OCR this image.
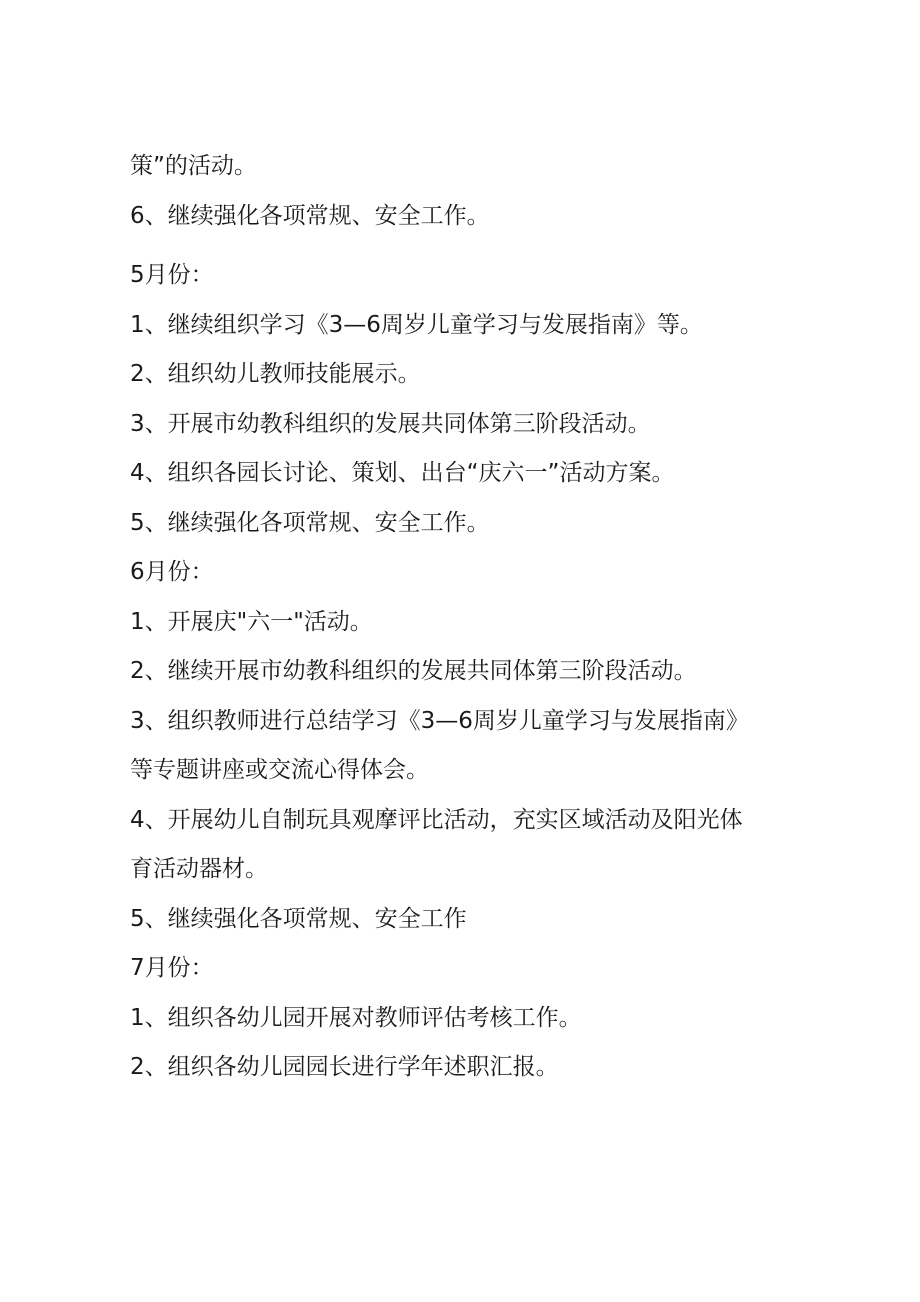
策”的活动。
6、继续强化各项常规、安全工作。
5月份：
1、继续组织学习《3—6周岁儿童学习与发展指南》等。
2、组织幼儿教师技能展示。
3、开展市幼教科组织的发展共同体第三阶段活动。
4、组织各园长讨论、策划、出台“庆六一”活动方案。
5、继续强化各项常规、安全工作。
6月份：
1、开展庆"六一"活动。
2、继续开展市幼教科组织的发展共同体第三阶段活动。
3、组织教师进行总结学习《3—6周岁儿童学习与发展指南》
等专题讲座或交流心得体会。
4、开展幼儿自制玩具观摩评比活动，充实区域活动及阳光体
育活动器材。
5、继续强化各项常规、安全工作
7月份：
1、组织各幼儿园开展对教师评估考核工作。
2、组织各幼儿园园长进行学年述职汇报。
